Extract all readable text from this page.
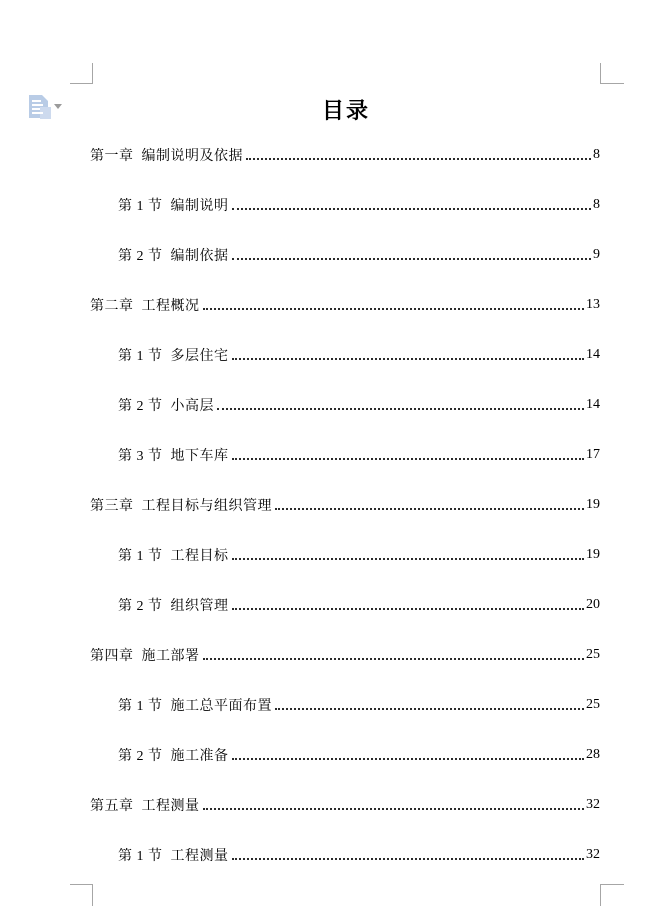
目录
第一章  编制说明及依据	8
第 1 节  编制说明	8
第 2 节  编制依据	9
第二章  工程概况	13
第 1 节  多层住宅	14
第 2 节  小高层	14
第 3 节  地下车库	17
第三章  工程目标与组织管理	19
第 1 节  工程目标	19
第 2 节  组织管理	20
第四章  施工部署	25
第 1 节  施工总平面布置	25
第 2 节  施工准备	28
第五章  工程测量	32
第 1 节  工程测量	32
